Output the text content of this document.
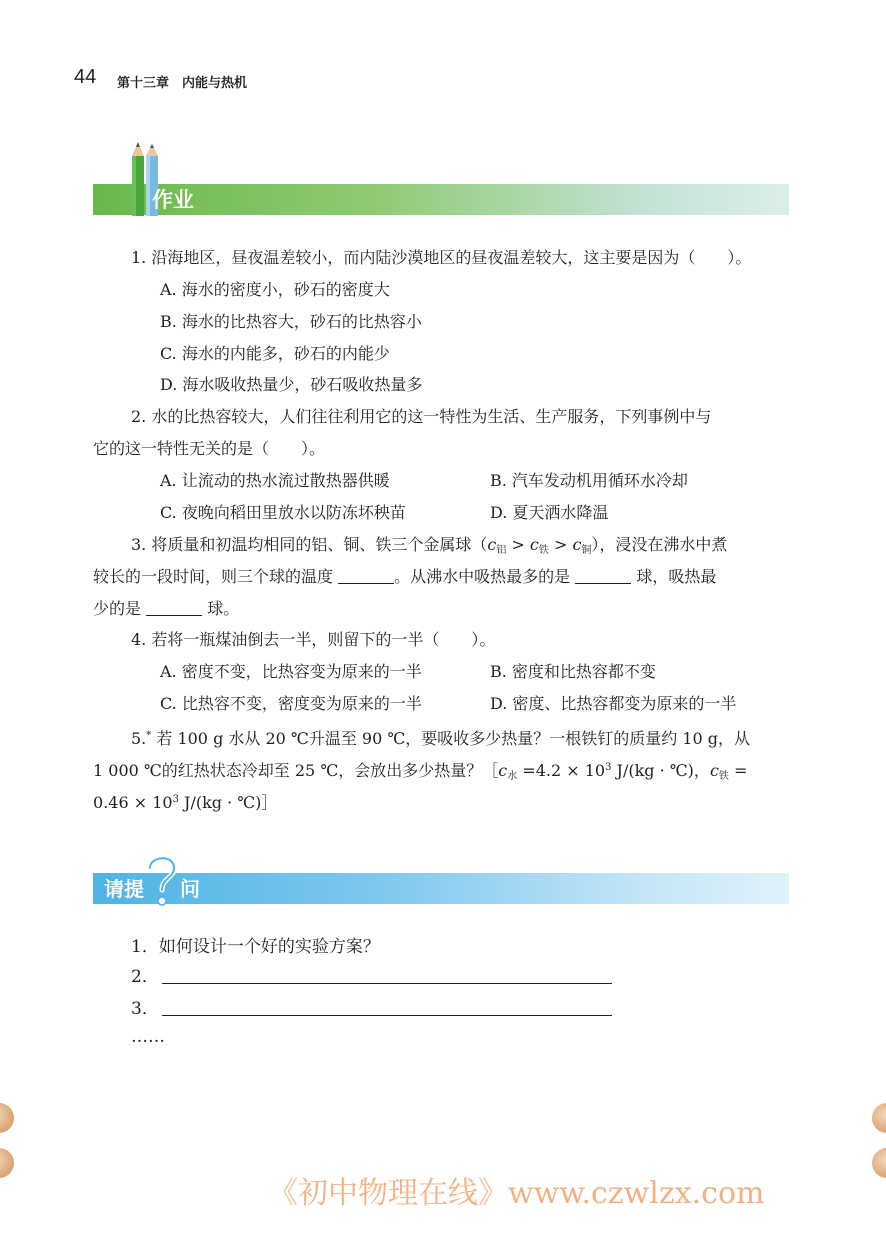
44 第十三章　内能与热机
作业
1. 沿海地区，昼夜温差较小，而内陆沙漠地区的昼夜温差较大，这主要是因为（　　）。
A. 海水的密度小，砂石的密度大
B. 海水的比热容大，砂石的比热容小
C. 海水的内能多，砂石的内能少
D. 海水吸收热量少，砂石吸收热量多
2. 水的比热容较大，人们往往利用它的这一特性为生活、生产服务，下列事例中与
它的这一特性无关的是（　　）。
A. 让流动的热水流过散热器供暖	B. 汽车发动机用循环水冷却
C. 夜晚向稻田里放水以防冻坏秧苗	D. 夏天洒水降温
3. 将质量和初温均相同的铝、铜、铁三个金属球$(c_铝 > c_铁 > c_铜)$，浸没在沸水中煮
较长的一段时间，则三个球的温度	。从沸水中吸热最多的是	球，吸热最
少的是	球。
4. 若将一瓶煤油倒去一半，则留下的一半（　　）。
A. 密度不变，比热容变为原来的一半	B. 密度和比热容都不变
C. 比热容不变，密度变为原来的一半	D. 密度、比热容都变为原来的一半
5.* 若 100 g 水从 20 ℃升温至 90 ℃，要吸收多少热量？一根铁钉的质量约 10 g，从
1 000 ℃的红热状态冷却至 25 ℃，会放出多少热量？$[c_水 =4.2 \times 10^3$ J/(kg · ℃)，$c_铁$ =
$0.46 \times 10^3$ J/(kg · ℃)］
请提 问
1．如何设计一个好的实验方案？
2．
3．
……
《初中物理在线》www.czwlzx.com
